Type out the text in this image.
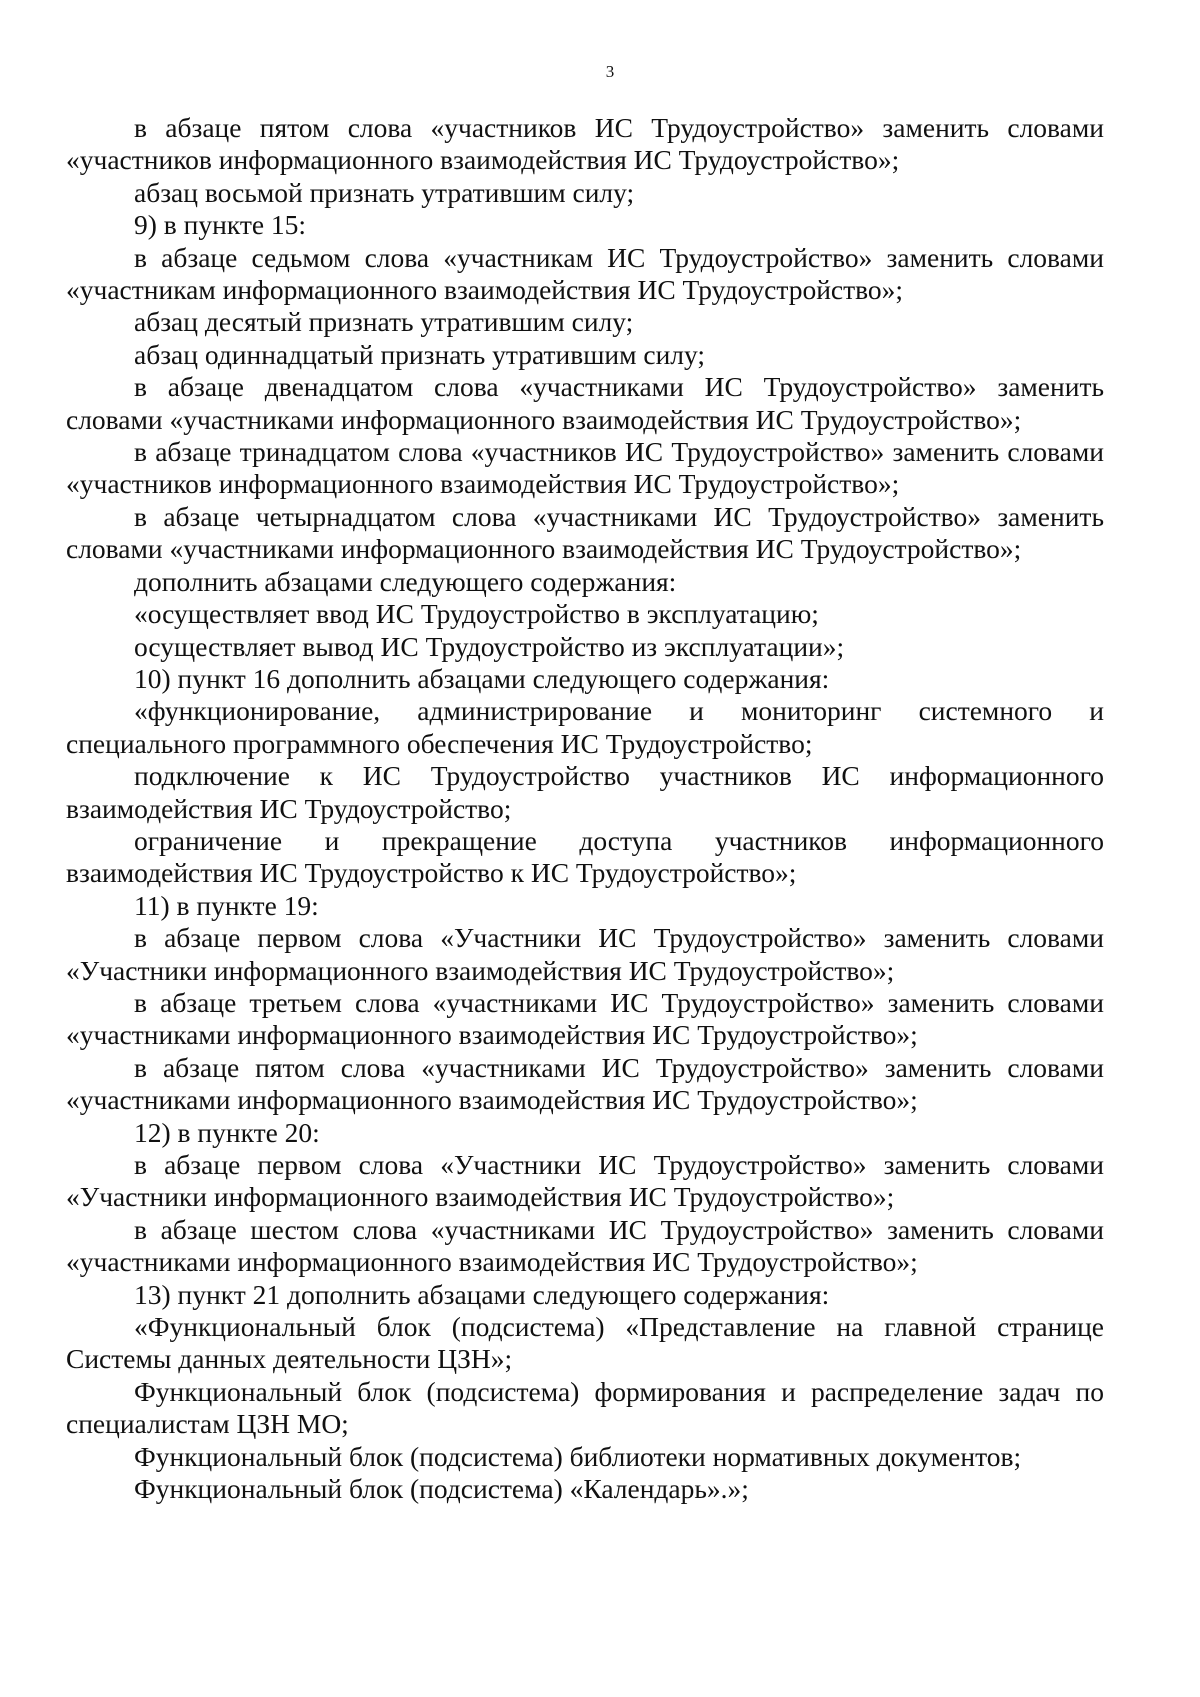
3

в абзаце пятом слова «участников ИС Трудоустройство» заменить словами «участников информационного взаимодействия ИС Трудоустройство»;

абзац восьмой признать утратившим силу;

9) в пункте 15:

в абзаце седьмом слова «участникам ИС Трудоустройство» заменить словами «участникам информационного взаимодействия ИС Трудоустройство»;

абзац десятый признать утратившим силу;

абзац одиннадцатый признать утратившим силу;

в абзаце двенадцатом слова «участниками ИС Трудоустройство» заменить словами «участниками информационного взаимодействия ИС Трудоустройство»;

в абзаце тринадцатом слова «участников ИС Трудоустройство» заменить словами «участников информационного взаимодействия ИС Трудоустройство»;

в абзаце четырнадцатом слова «участниками ИС Трудоустройство» заменить словами «участниками информационного взаимодействия ИС Трудоустройство»;

дополнить абзацами следующего содержания:

«осуществляет ввод ИС Трудоустройство в эксплуатацию;

осуществляет вывод ИС Трудоустройство из эксплуатации»;

10) пункт 16 дополнить абзацами следующего содержания:

«функционирование, администрирование и мониторинг системного и специального программного обеспечения ИС Трудоустройство;

подключение к ИС Трудоустройство участников ИС информационного взаимодействия ИС Трудоустройство;

ограничение и прекращение доступа участников информационного взаимодействия ИС Трудоустройство к ИС Трудоустройство»;

11) в пункте 19:

в абзаце первом слова «Участники ИС Трудоустройство» заменить словами «Участники информационного взаимодействия ИС Трудоустройство»;

в абзаце третьем слова «участниками ИС Трудоустройство» заменить словами «участниками информационного взаимодействия ИС Трудоустройство»;

в абзаце пятом слова «участниками ИС Трудоустройство» заменить словами «участниками информационного взаимодействия ИС Трудоустройство»;

12) в пункте 20:

в абзаце первом слова «Участники ИС Трудоустройство» заменить словами «Участники информационного взаимодействия ИС Трудоустройство»;

в абзаце шестом слова «участниками ИС Трудоустройство» заменить словами «участниками информационного взаимодействия ИС Трудоустройство»;

13) пункт 21 дополнить абзацами следующего содержания:

«Функциональный блок (подсистема) «Представление на главной странице Системы данных деятельности ЦЗН»;

Функциональный блок (подсистема) формирования и распределение задач по специалистам ЦЗН МО;

Функциональный блок (подсистема) библиотеки нормативных документов;

Функциональный блок (подсистема) «Календарь».»;
